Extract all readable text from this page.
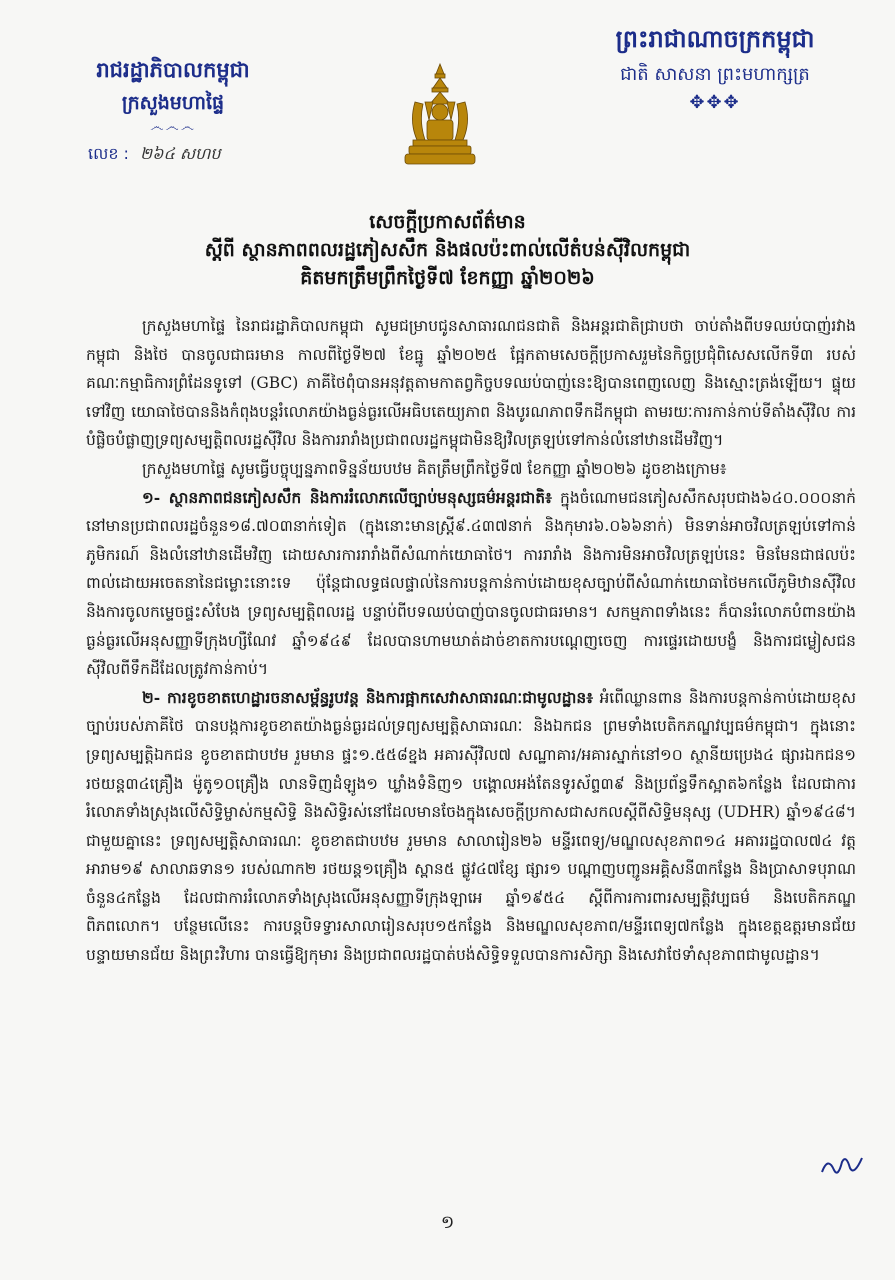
រាជរដ្ឋាភិបាលកម្ពុជា
ក្រសួងមហាផ្ទៃ
෴෴෴
លេខ : ២៦៤ សហប
ព្រះរាជាណាចក្រកម្ពុជា
ជាតិ សាសនា ព្រះមហាក្សត្រ
✥✥✥
សេចក្តីប្រកាសព័ត៌មាន
ស្តីពី ស្ថានភាពពលរដ្ឋភៀសសឹក និងផលប៉ះពាល់លើតំបន់ស៊ីវិលកម្ពុជា
គិតមកត្រឹមព្រឹកថ្ងៃទី៧ ខែកញ្ញា ឆ្នាំ២០២៦

ក្រសួងមហាផ្ទៃ នៃរាជរដ្ឋាភិបាលកម្ពុជា សូមជម្រាបជូនសាធារណជនជាតិ និងអន្តរជាតិជ្រាបថា ចាប់តាំងពីបទឈប់បាញ់រវាងកម្ពុជា និងថៃ បានចូលជាធរមាន កាលពីថ្ងៃទី២៧ ខែធ្នូ ឆ្នាំ២០២៥ ផ្អែកតាមសេចក្តីប្រកាសរួមនៃកិច្ចប្រជុំពិសេសលើកទី៣ របស់គណៈកម្មាធិការព្រំដែនទូទៅ (GBC) ភាគីថៃពុំបានអនុវត្តតាមកាតព្វកិច្ចបទឈប់បាញ់នេះឱ្យបានពេញលេញ និងស្មោះត្រង់ឡើយ។ ផ្ទុយទៅវិញ យោធាថៃបាននិងកំពុងបន្តរំលោភយ៉ាងធ្ងន់ធ្ងរលើអធិបតេយ្យភាព និងបូរណភាពទឹកដីកម្ពុជា តាមរយៈការកាន់កាប់ទីតាំងស៊ីវិល ការបំផ្លិចបំផ្លាញទ្រព្យសម្បត្តិពលរដ្ឋស៊ីវិល និងការរារាំងប្រជាពលរដ្ឋកម្ពុជាមិនឱ្យវិលត្រឡប់ទៅកាន់លំនៅឋានដើមវិញ។

ក្រសួងមហាផ្ទៃ សូមធ្វើបច្ចុប្បន្នភាពទិន្នន័យបឋម គិតត្រឹមព្រឹកថ្ងៃទី៧ ខែកញ្ញា ឆ្នាំ២០២៦ ដូចខាងក្រោម៖

១- ស្ថានភាពជនភៀសសឹក និងការរំលោភលើច្បាប់មនុស្សធម៌អន្តរជាតិ៖ ក្នុងចំណោមជនភៀសសឹកសរុបជាង៦៤០.០០០នាក់ នៅមានប្រជាពលរដ្ឋចំនួន១៨.៧០៣នាក់ទៀត (ក្នុងនោះមានស្ត្រី៩.៤៣៧នាក់ និងកុមារ៦.០៦៦នាក់) មិនទាន់អាចវិលត្រឡប់ទៅកាន់ភូមិករណ៍ និងលំនៅឋានដើមវិញ ដោយសារការរារាំងពីសំណាក់យោធាថៃ។ ការរារាំង និងការមិនអាចវិលត្រឡប់នេះ មិនមែនជាផលប៉ះពាល់ដោយអចេតនានៃជម្លោះនោះទេ ប៉ុន្តែជាលទ្ធផលផ្ទាល់នៃការបន្តកាន់កាប់ដោយខុសច្បាប់ពីសំណាក់យោធាថៃមកលើភូមិឋានស៊ីវិល និងការចូលកម្ទេចផ្ទះសំបែង ទ្រព្យសម្បត្តិពលរដ្ឋ បន្ទាប់ពីបទឈប់បាញ់បានចូលជាធរមាន។ សកម្មភាពទាំងនេះ ក៏បានរំលោភបំពានយ៉ាងធ្ងន់ធ្ងរលើអនុសញ្ញាទីក្រុងហ្សឺណែវ ឆ្នាំ១៩៤៩ ដែលបានហាមឃាត់ដាច់ខាតការបណ្តេញចេញ ការផ្ទេរដោយបង្ខំ និងការជម្លៀសជនស៊ីវិលពីទឹកដីដែលត្រូវកាន់កាប់។

២- ការខូចខាតហេដ្ឋារចនាសម្ព័ន្ធរូបវន្ត និងការផ្អាកសេវាសាធារណៈជាមូលដ្ឋាន៖ អំពើឈ្លានពាន និងការបន្តកាន់កាប់ដោយខុសច្បាប់របស់ភាគីថៃ បានបង្កការខូចខាតយ៉ាងធ្ងន់ធ្ងរដល់ទ្រព្យសម្បត្តិសាធារណៈ និងឯកជន ព្រមទាំងបេតិកភណ្ឌវប្បធម៌កម្ពុជា។ ក្នុងនោះ ទ្រព្យសម្បត្តិឯកជន ខូចខាតជាបឋម រួមមាន ផ្ទះ១.៥៥៨ខ្នង អគារស៊ីវិល៧ សណ្ឋាគារ/អគារស្នាក់នៅ១០ ស្ថានីយប្រេង៤ ផ្សារឯកជន១ រថយន្ត៣៤គ្រឿង ម៉ូតូ១០គ្រឿង លានទិញដំឡូង១ ឃ្លាំងទំនិញ១ បង្គោលអង់តែនទូរស័ព្ទ៣៩ និងប្រព័ន្ធទឹកស្អាត៦កន្លែង ដែលជាការរំលោភទាំងស្រុងលើសិទ្ធិម្ចាស់កម្មសិទ្ធិ និងសិទ្ធិរស់នៅដែលមានចែងក្នុងសេចក្តីប្រកាសជាសកលស្តីពីសិទ្ធិមនុស្ស (UDHR) ឆ្នាំ១៩៤៨។ ជាមួយគ្នានេះ ទ្រព្យសម្បត្តិសាធារណៈ ខូចខាតជាបឋម រួមមាន សាលារៀន២៦ មន្ទីរពេទ្យ/មណ្ឌលសុខភាព១៤ អគាររដ្ឋបាល៧៤ វត្តអារាម១៩ សាលាឆទាន១ របស់ណាក២ រថយន្ត១គ្រឿង ស្ពាន៥ ផ្លូវ៤៧ខ្សែ ផ្សារ១ បណ្តាញបញ្ជូនអគ្គិសនី៣កន្លែង និងប្រាសាទបុរាណចំនួន៤កន្លែង ដែលជាការរំលោភទាំងស្រុងលើអនុសញ្ញាទីក្រុងឡាអេ ឆ្នាំ១៩៥៤ ស្តីពីការការពារសម្បត្តិវប្បធម៌ និងបេតិកភណ្ឌពិភពលោក។ បន្ថែមលើនេះ ការបន្តបិទទ្វារសាលារៀនសរុប១៥កន្លែង និងមណ្ឌលសុខភាព/មន្ទីរពេទ្យ៧កន្លែង ក្នុងខេត្តឧត្តរមានជ័យ បន្ទាយមានជ័យ និងព្រះវិហារ បានធ្វើឱ្យកុមារ និងប្រជាពលរដ្ឋបាត់បង់សិទ្ធិទទួលបានការសិក្សា និងសេវាថែទាំសុខភាពជាមូលដ្ឋាន។

១
